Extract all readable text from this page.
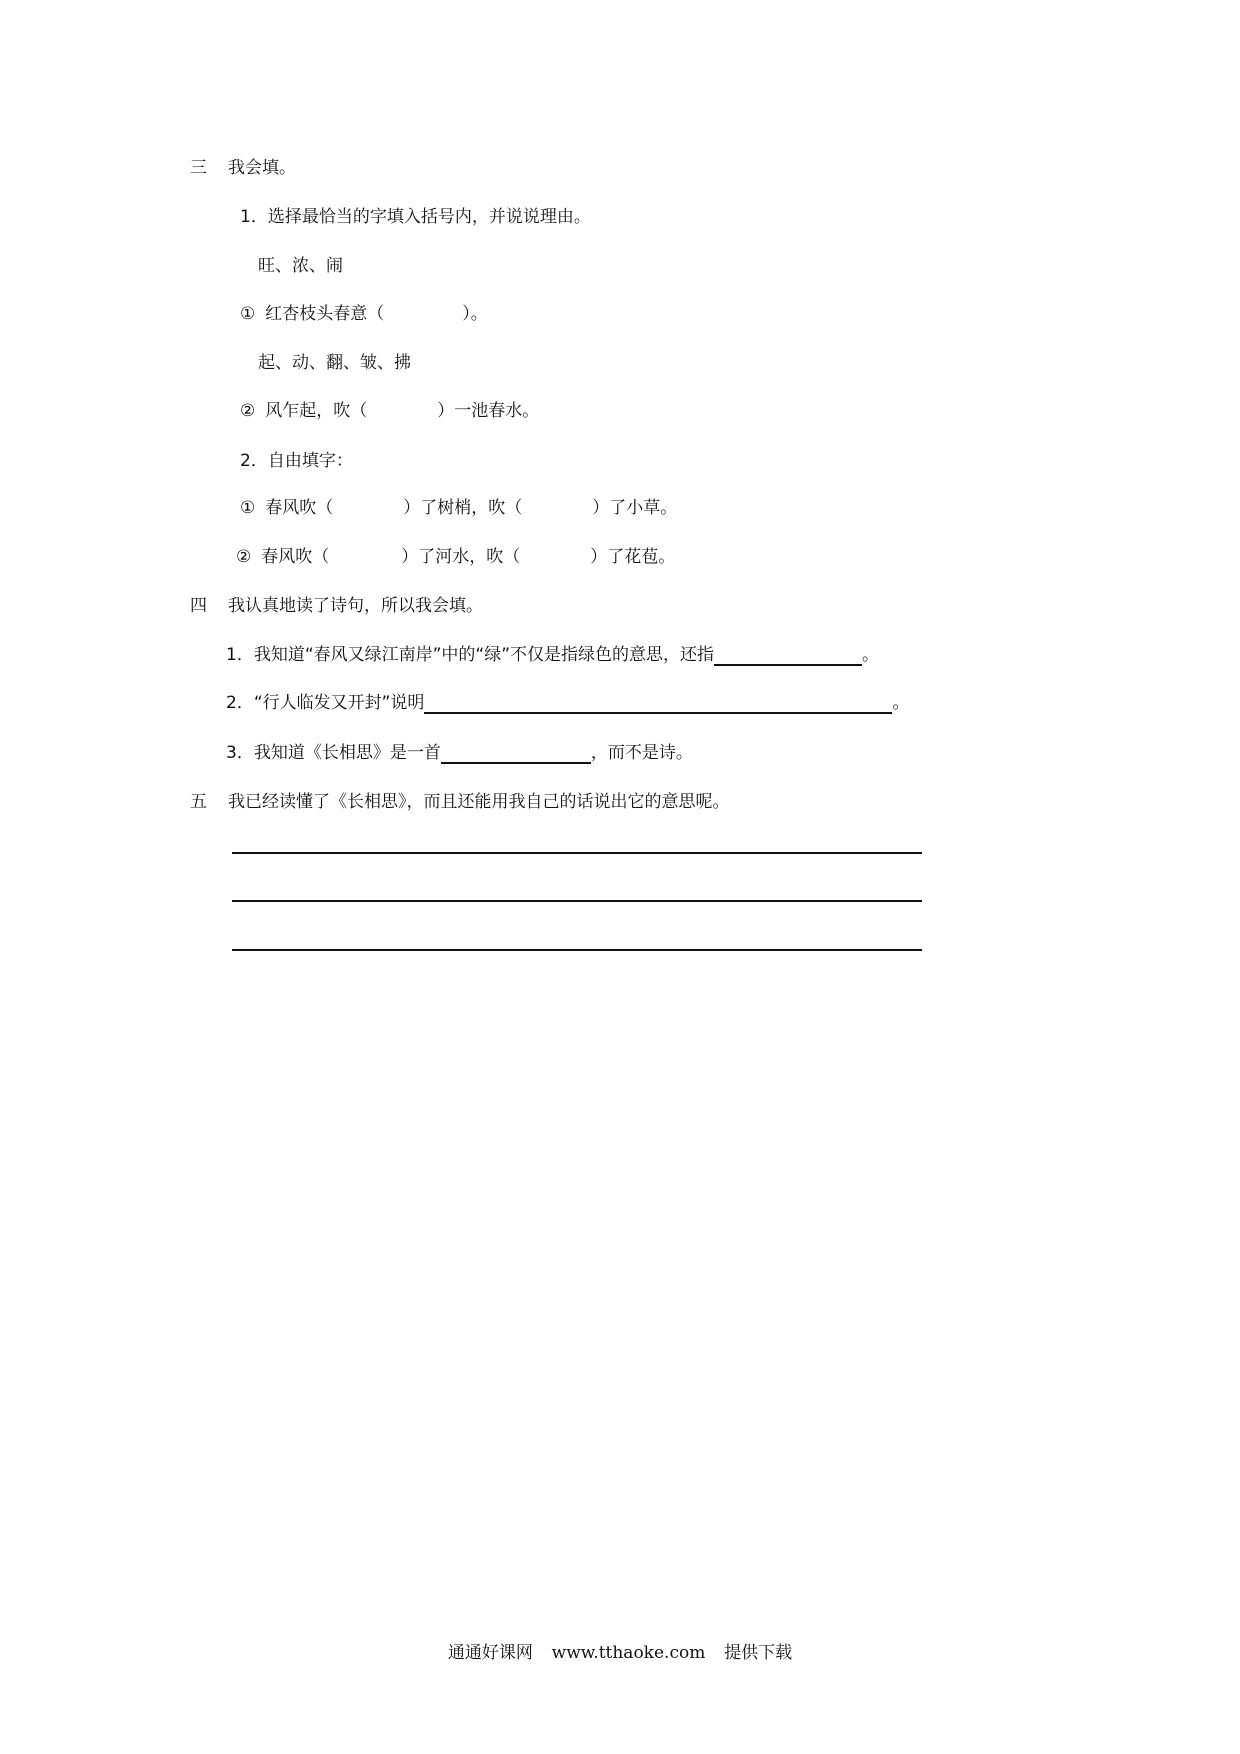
三 我会填。
1．选择最恰当的字填入括号内，并说说理由。
旺、浓、闹
① 红杏枝头春意（	）。
起、动、翻、皱、拂
② 风乍起，吹（	）一池春水。
2．自由填字：
① 春风吹（	）了树梢，吹（	）了小草。
② 春风吹（	）了河水，吹（	）了花苞。
四 我认真地读了诗句，所以我会填。
1．我知道“春风又绿江南岸”中的“绿”不仅是指绿色的意思，还指	。
2．“行人临发又开封”说明	。
3．我知道《长相思》是一首	，而不是诗。
五 我已经读懂了《长相思》，而且还能用我自己的话说出它的意思呢。
通通好课网 www.tthaoke.com 提供下载
